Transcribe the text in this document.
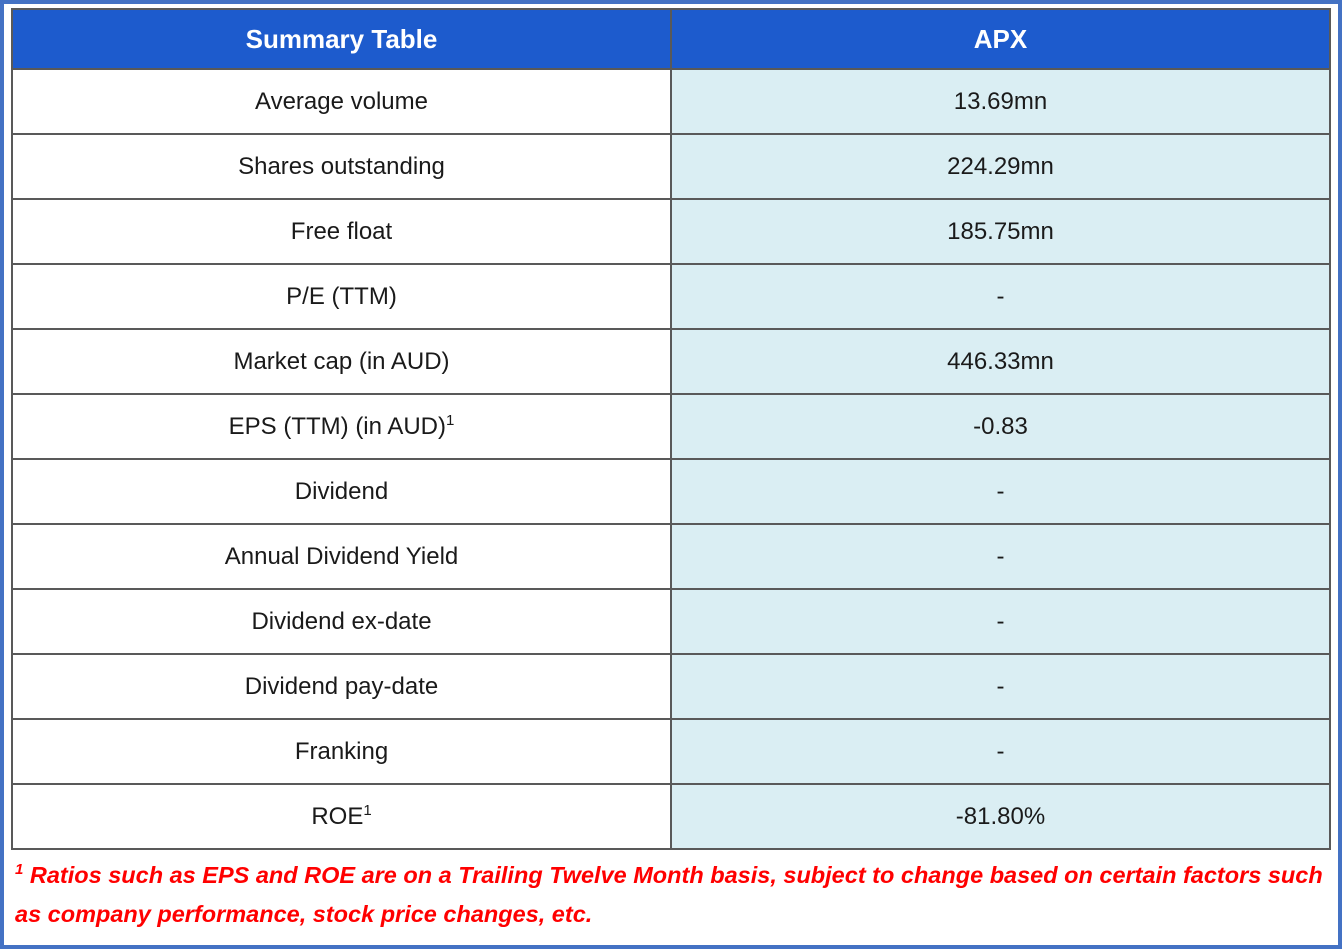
Summary Table	APX
Average volume	13.69mn
Shares outstanding	224.29mn
Free float	185.75mn
P/E (TTM)	-
Market cap (in AUD)	446.33mn
EPS (TTM) (in AUD)$^1$	-0.83
Dividend	-
Annual Dividend Yield	-
Dividend ex-date	-
Dividend pay-date	-
Franking	-
ROE$^1$	-81.80%
$^1$ Ratios such as EPS and ROE are on a Trailing Twelve Month basis, subject to change based on certain factors such as company performance, stock price changes, etc.
